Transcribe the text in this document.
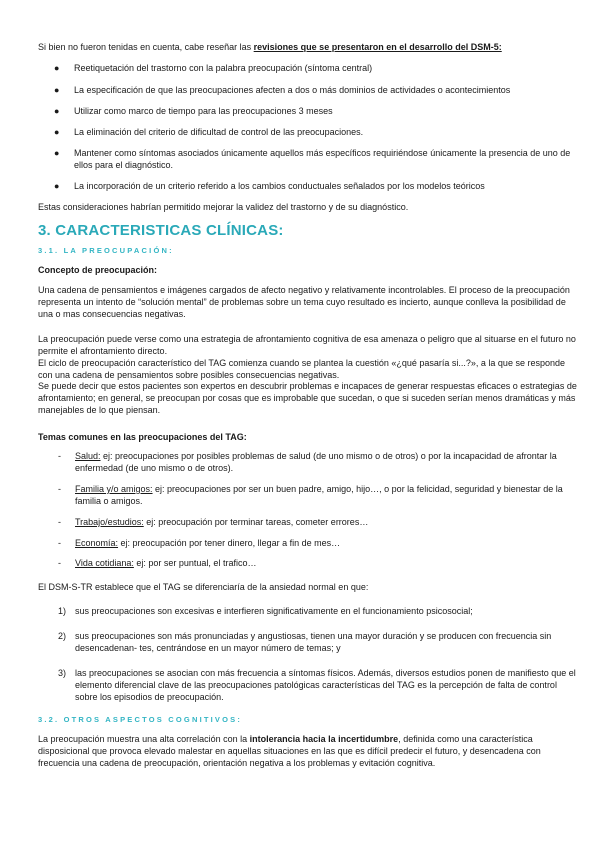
Si bien no fueron tenidas en cuenta, cabe reseñar las revisiones que se presentaron en el desarrollo del DSM-5:
● Reetiquetación del trastorno con la palabra preocupación (síntoma central)
● La especificación de que las preocupaciones afecten a dos o más dominios de actividades o acontecimientos
● Utilizar como marco de tiempo para las preocupaciones 3 meses
● La eliminación del criterio de dificultad de control de las preocupaciones.
● Mantener como síntomas asociados únicamente aquellos más específicos requiriéndose únicamente la presencia de uno de ellos para el diagnóstico.
● La incorporación de un criterio referido a los cambios conductuales señalados por los modelos teóricos
Estas consideraciones habrían permitido mejorar la validez del trastorno y de su diagnóstico.
3. CARACTERISTICAS CLÍNICAS:
3.1. LA PREOCUPACIÓN:
Concepto de preocupación:
Una cadena de pensamientos e imágenes cargados de afecto negativo y relativamente incontrolables. El proceso de la preocupación representa un intento de “solución mental” de problemas sobre un tema cuyo resultado es incierto, aunque conlleva la posibilidad de una o mas consecuencias negativas.
La preocupación puede verse como una estrategia de afrontamiento cognitiva de esa amenaza o peligro que al situarse en el futuro no permite el afrontamiento directo.
El ciclo de preocupación característico del TAG comienza cuando se plantea la cuestión «¿qué pasaría si...?», a la que se responde con una cadena de pensamientos sobre posibles consecuencias negativas.
Se puede decir que estos pacientes son expertos en descubrir problemas e incapaces de generar respuestas eficaces o estrategias de afrontamiento; en general, se preocupan por cosas que es improbable que sucedan, o que si suceden serían menos dramáticas y más manejables de lo que piensan.
Temas comunes en las preocupaciones del TAG:
- Salud: ej: preocupaciones por posibles problemas de salud (de uno mismo o de otros) o por la incapacidad de afrontar la enfermedad (de uno mismo o de otros).
- Familia y/o amigos: ej: preocupaciones por ser un buen padre, amigo, hijo…, o por la felicidad, seguridad y bienestar de la familia o amigos.
- Trabajo/estudios: ej: preocupación por terminar tareas, cometer errores…
- Economía: ej: preocupación por tener dinero, llegar a fin de mes…
- Vida cotidiana: ej: por ser puntual, el trafico…
El DSM-S-TR establece que el TAG se diferenciaría de la ansiedad normal en que:
1) sus preocupaciones son excesivas e interfieren significativamente en el funcionamiento psicosocial;
2) sus preocupaciones son más pronunciadas y angustiosas, tienen una mayor duración y se producen con frecuencia sin desencadenan- tes, centrándose en un mayor número de temas; y
3) las preocupaciones se asocian con más frecuencia a síntomas físicos. Además, diversos estudios ponen de manifiesto que el elemento diferencial clave de las preocupaciones patológicas características del TAG es la percepción de falta de control sobre los episodios de preocupación.
3.2. OTROS ASPECTOS COGNITIVOS:
La preocupación muestra una alta correlación con la intolerancia hacia la incertidumbre, definida como una característica disposicional que provoca elevado malestar en aquellas situaciones en las que es difícil predecir el futuro, y desencadena con frecuencia una cadena de preocupación, orientación negativa a los problemas y evitación cognitiva.
